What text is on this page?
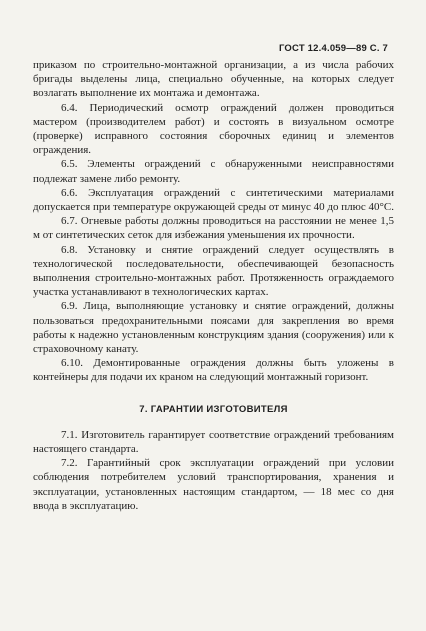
ГОСТ 12.4.059—89 С. 7

приказом по строительно-монтажной организации, а из числа рабочих бригады выделены лица, специально обученные, на которых следует возлагать выполнение их монтажа и демонтажа.

6.4. Периодический осмотр ограждений должен проводиться мастером (производителем работ) и состоять в визуальном осмотре (проверке) исправного состояния сборочных единиц и элементов ограждения.

6.5. Элементы ограждений с обнаруженными неисправностями подлежат замене либо ремонту.

6.6. Эксплуатация ограждений с синтетическими материалами допускается при температуре окружающей среды от минус 40 до плюс 40°С.

6.7. Огневые работы должны проводиться на расстоянии не менее 1,5 м от синтетических сеток для избежания уменьшения их прочности.

6.8. Установку и снятие ограждений следует осуществлять в технологической последовательности, обеспечивающей безопасность выполнения строительно-монтажных работ. Протяженность ограждаемого участка устанавливают в технологических картах.

6.9. Лица, выполняющие установку и снятие ограждений, должны пользоваться предохранительными поясами для закрепления во время работы к надежно установленным конструкциям здания (сооружения) или к страховочному канату.

6.10. Демонтированные ограждения должны быть уложены в контейнеры для подачи их краном на следующий монтажный горизонт.

7. ГАРАНТИИ ИЗГОТОВИТЕЛЯ

7.1. Изготовитель гарантирует соответствие ограждений требованиям настоящего стандарта.

7.2. Гарантийный срок эксплуатации ограждений при условии соблюдения потребителем условий транспортирования, хранения и эксплуатации, установленных настоящим стандартом, — 18 мес со дня ввода в эксплуатацию.
